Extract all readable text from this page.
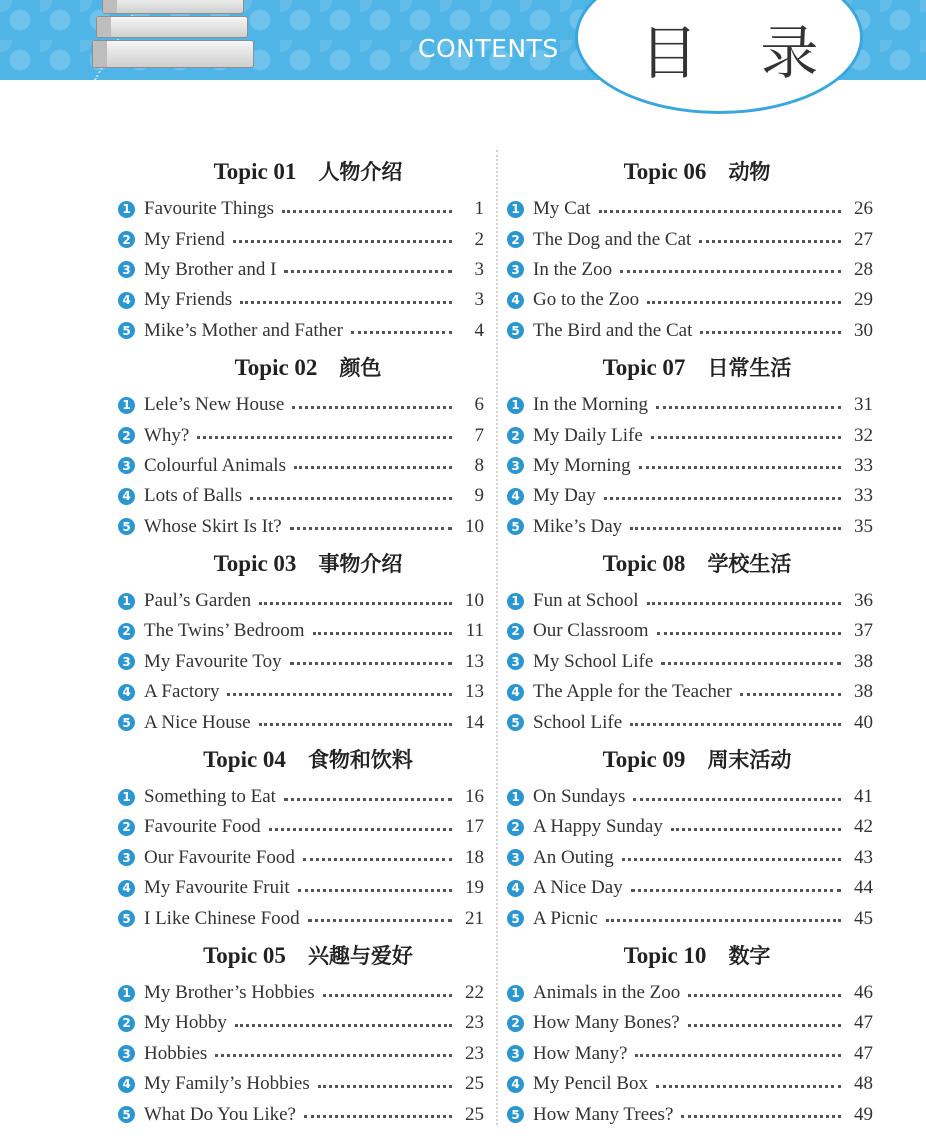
CONTENTS 目 录
Topic 01 人物介绍
1 Favourite Things	1
2 My Friend	2
3 My Brother and I	3
4 My Friends	3
5 Mike’s Mother and Father	4
Topic 02 颜色
1 Lele’s New House	6
2 Why?	7
3 Colourful Animals	8
4 Lots of Balls	9
5 Whose Skirt Is It?	10
Topic 03 事物介绍
1 Paul’s Garden	10
2 The Twins’ Bedroom	11
3 My Favourite Toy	13
4 A Factory	13
5 A Nice House	14
Topic 04 食物和饮料
1 Something to Eat	16
2 Favourite Food	17
3 Our Favourite Food	18
4 My Favourite Fruit	19
5 I Like Chinese Food	21
Topic 05 兴趣与爱好
1 My Brother’s Hobbies	22
2 My Hobby	23
3 Hobbies	23
4 My Family’s Hobbies	25
5 What Do You Like?	25
Topic 06 动物
1 My Cat	26
2 The Dog and the Cat	27
3 In the Zoo	28
4 Go to the Zoo	29
5 The Bird and the Cat	30
Topic 07 日常生活
1 In the Morning	31
2 My Daily Life	32
3 My Morning	33
4 My Day	33
5 Mike’s Day	35
Topic 08 学校生活
1 Fun at School	36
2 Our Classroom	37
3 My School Life	38
4 The Apple for the Teacher	38
5 School Life	40
Topic 09 周末活动
1 On Sundays	41
2 A Happy Sunday	42
3 An Outing	43
4 A Nice Day	44
5 A Picnic	45
Topic 10 数字
1 Animals in the Zoo	46
2 How Many Bones?	47
3 How Many?	47
4 My Pencil Box	48
5 How Many Trees?	49
